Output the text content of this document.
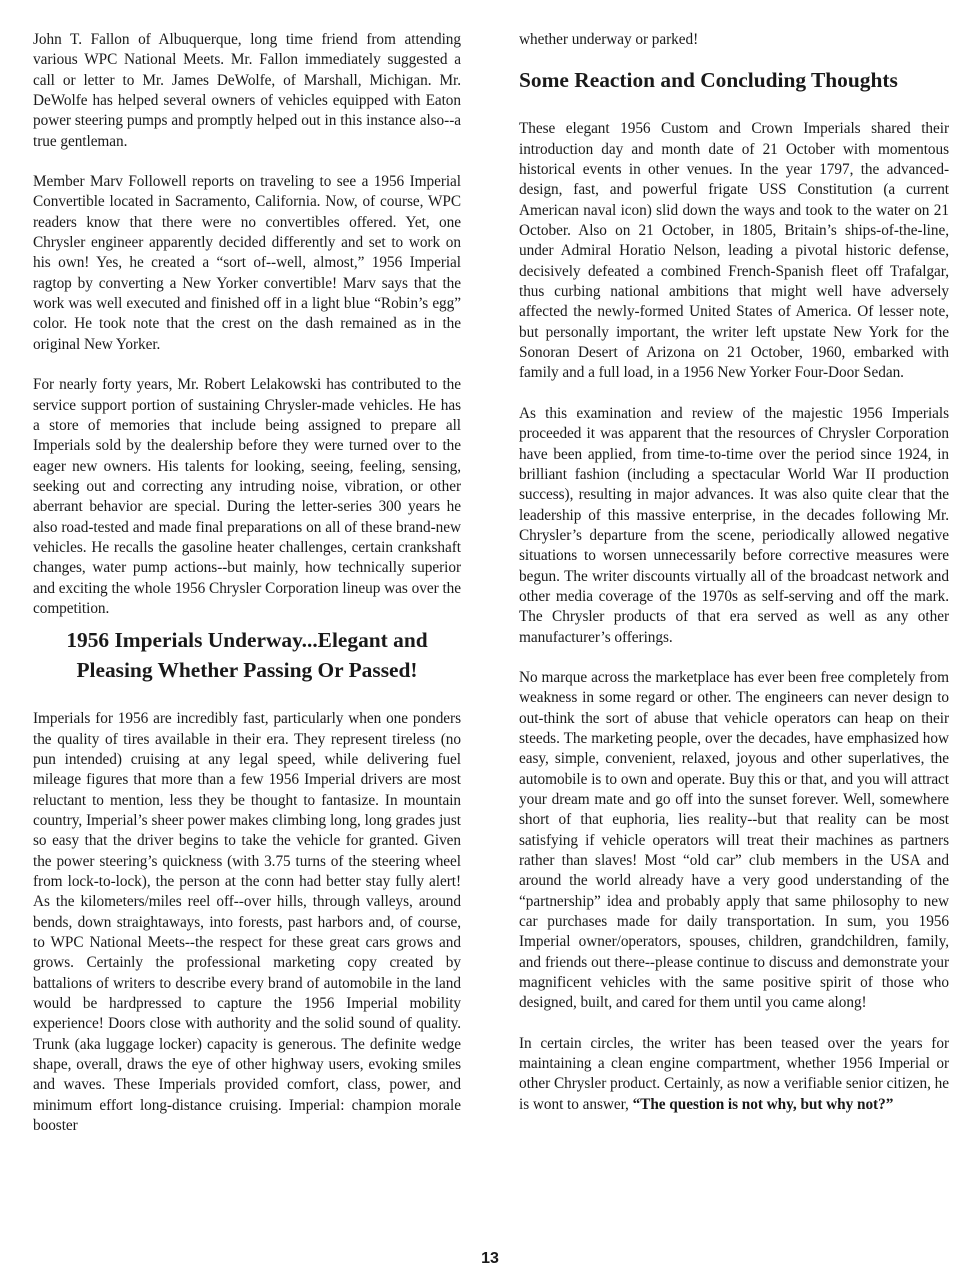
John T. Fallon of Albuquerque, long time friend from attending various WPC National Meets. Mr. Fallon immediately suggested a call or letter to Mr. James DeWolfe, of Marshall, Michigan. Mr. DeWolfe has helped several owners of vehicles equipped with Eaton power steering pumps and promptly helped out in this instance also--a true gentleman.

Member Marv Followell reports on traveling to see a 1956 Imperial Convertible located in Sacramento, California. Now, of course, WPC readers know that there were no convertibles offered. Yet, one Chrysler engineer apparently decided differently and set to work on his own! Yes, he created a “sort of--well, almost,” 1956 Imperial ragtop by converting a New Yorker convertible! Marv says that the work was well executed and finished off in a light blue “Robin’s egg” color. He took note that the crest on the dash remained as in the original New Yorker.

For nearly forty years, Mr. Robert Lelakowski has contributed to the service support portion of sustaining Chrysler-made vehicles. He has a store of memories that include being assigned to prepare all Imperials sold by the dealership before they were turned over to the eager new owners. His talents for looking, seeing, feeling, sensing, seeking out and correcting any intruding noise, vibration, or other aberrant behavior are special. During the letter-series 300 years he also road-tested and made final preparations on all of these brand-new vehicles. He recalls the gasoline heater challenges, certain crankshaft changes, water pump actions--but mainly, how technically superior and exciting the whole 1956 Chrysler Corporation lineup was over the competition.

1956 Imperials Underway...Elegant and
Pleasing Whether Passing Or Passed!

Imperials for 1956 are incredibly fast, particularly when one ponders the quality of tires available in their era. They represent tireless (no pun intended) cruising at any legal speed, while delivering fuel mileage figures that more than a few 1956 Imperial drivers are most reluctant to mention, less they be thought to fantasize. In mountain country, Imperial’s sheer power makes climbing long, long grades just so easy that the driver begins to take the vehicle for granted. Given the power steering’s quickness (with 3.75 turns of the steering wheel from lock-to-lock), the person at the conn had better stay fully alert! As the kilometers/miles reel off--over hills, through valleys, around bends, down straightaways, into forests, past harbors and, of course, to WPC National Meets--the respect for these great cars grows and grows. Certainly the professional marketing copy created by battalions of writers to describe every brand of automobile in the land would be hardpressed to capture the 1956 Imperial mobility experience! Doors close with authority and the solid sound of quality. Trunk (aka luggage locker) capacity is generous. The definite wedge shape, overall, draws the eye of other highway users, evoking smiles and waves. These Imperials provided comfort, class, power, and minimum effort long-distance cruising. Imperial: champion morale booster

whether underway or parked!

Some Reaction and Concluding Thoughts

These elegant 1956 Custom and Crown Imperials shared their introduction day and month date of 21 October with momentous historical events in other venues. In the year 1797, the advanced-design, fast, and powerful frigate USS Constitution (a current American naval icon) slid down the ways and took to the water on 21 October. Also on 21 October, in 1805, Britain’s ships-of-the-line, under Admiral Horatio Nelson, leading a pivotal historic defense, decisively defeated a combined French-Spanish fleet off Trafalgar, thus curbing national ambitions that might well have adversely affected the newly-formed United States of America. Of lesser note, but personally important, the writer left upstate New York for the Sonoran Desert of Arizona on 21 October, 1960, embarked with family and a full load, in a 1956 New Yorker Four-Door Sedan.

As this examination and review of the majestic 1956 Imperials proceeded it was apparent that the resources of Chrysler Corporation have been applied, from time-to-time over the period since 1924, in brilliant fashion (including a spectacular World War II production success), resulting in major advances. It was also quite clear that the leadership of this massive enterprise, in the decades following Mr. Chrysler’s departure from the scene, periodically allowed negative situations to worsen unnecessarily before corrective measures were begun. The writer discounts virtually all of the broadcast network and other media coverage of the 1970s as self-serving and off the mark. The Chrysler products of that era served as well as any other manufacturer’s offerings.

No marque across the marketplace has ever been free completely from weakness in some regard or other. The engineers can never design to out-think the sort of abuse that vehicle operators can heap on their steeds. The marketing people, over the decades, have emphasized how easy, simple, convenient, relaxed, joyous and other superlatives, the automobile is to own and operate. Buy this or that, and you will attract your dream mate and go off into the sunset forever. Well, somewhere short of that euphoria, lies reality--but that reality can be most satisfying if vehicle operators will treat their machines as partners rather than slaves! Most “old car” club members in the USA and around the world already have a very good understanding of the “partnership” idea and probably apply that same philosophy to new car purchases made for daily transportation. In sum, you 1956 Imperial owner/operators, spouses, children, grandchildren, family, and friends out there--please continue to discuss and demonstrate your magnificent vehicles with the same positive spirit of those who designed, built, and cared for them until you came along!

In certain circles, the writer has been teased over the years for maintaining a clean engine compartment, whether 1956 Imperial or other Chrysler product. Certainly, as now a verifiable senior citizen, he is wont to answer, “The question is not why, but why not?”

13
